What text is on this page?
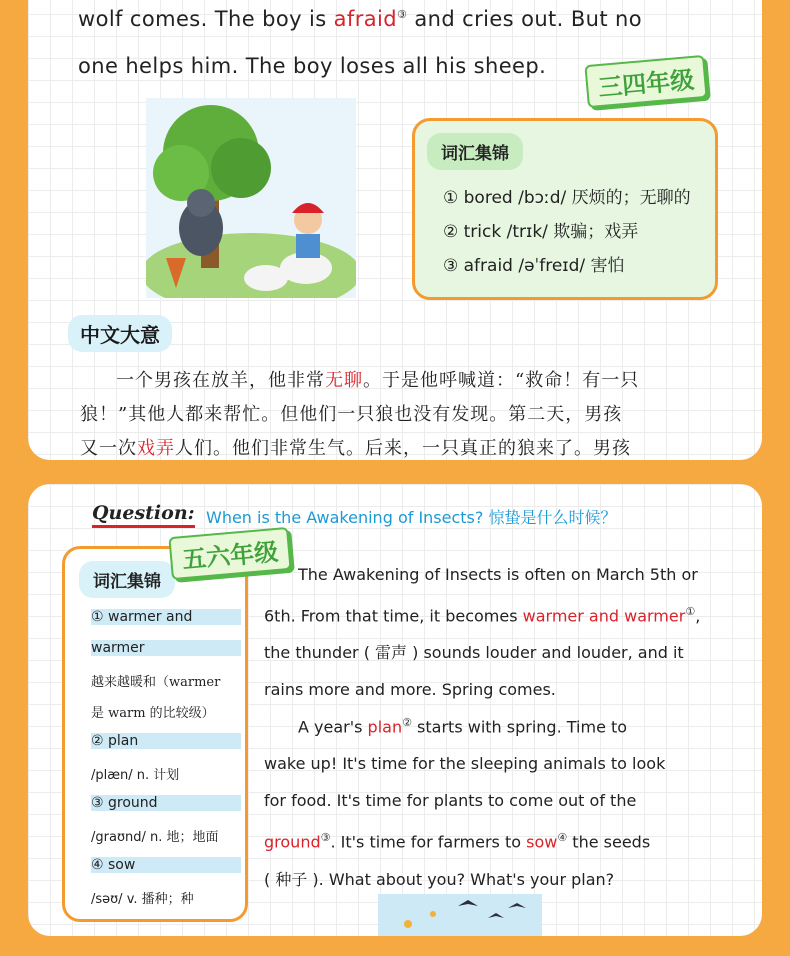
wolf comes. The boy is afraid③ and cries out. But no
one helps him. The boy loses all his sheep.	三四年级
词汇集锦
① bored /bɔːd/ 厌烦的；无聊的
② trick /trɪk/ 欺骗；戏弄
③ afraid /əˈfreɪd/ 害怕
中文大意
一个男孩在放羊，他非常无聊。于是他呼喊道：“救命！有一只
狼！”其他人都来帮忙。但他们一只狼也没有发现。第二天，男孩
又一次戏弄人们。他们非常生气。后来，一只真正的狼来了。男孩
Question: When is the Awakening of Insects? 惊蛰是什么时候？
词汇集锦
① warmer and
warmer
越来越暖和（warmer
是 warm 的比较级）
② plan
/plæn/ n. 计划
③ ground
/graʊnd/ n. 地；地面
④ sow
/səʊ/ v. 播种；种
五六年级
The Awakening of Insects is often on March 5th or
6th. From that time, it becomes warmer and warmer①,
the thunder ( 雷声 ) sounds louder and louder, and it
rains more and more. Spring comes.
A year's plan② starts with spring. Time to
wake up! It's time for the sleeping animals to look
for food. It's time for plants to come out of the
ground③. It's time for farmers to sow④ the seeds
( 种子 ). What about you? What's your plan?
